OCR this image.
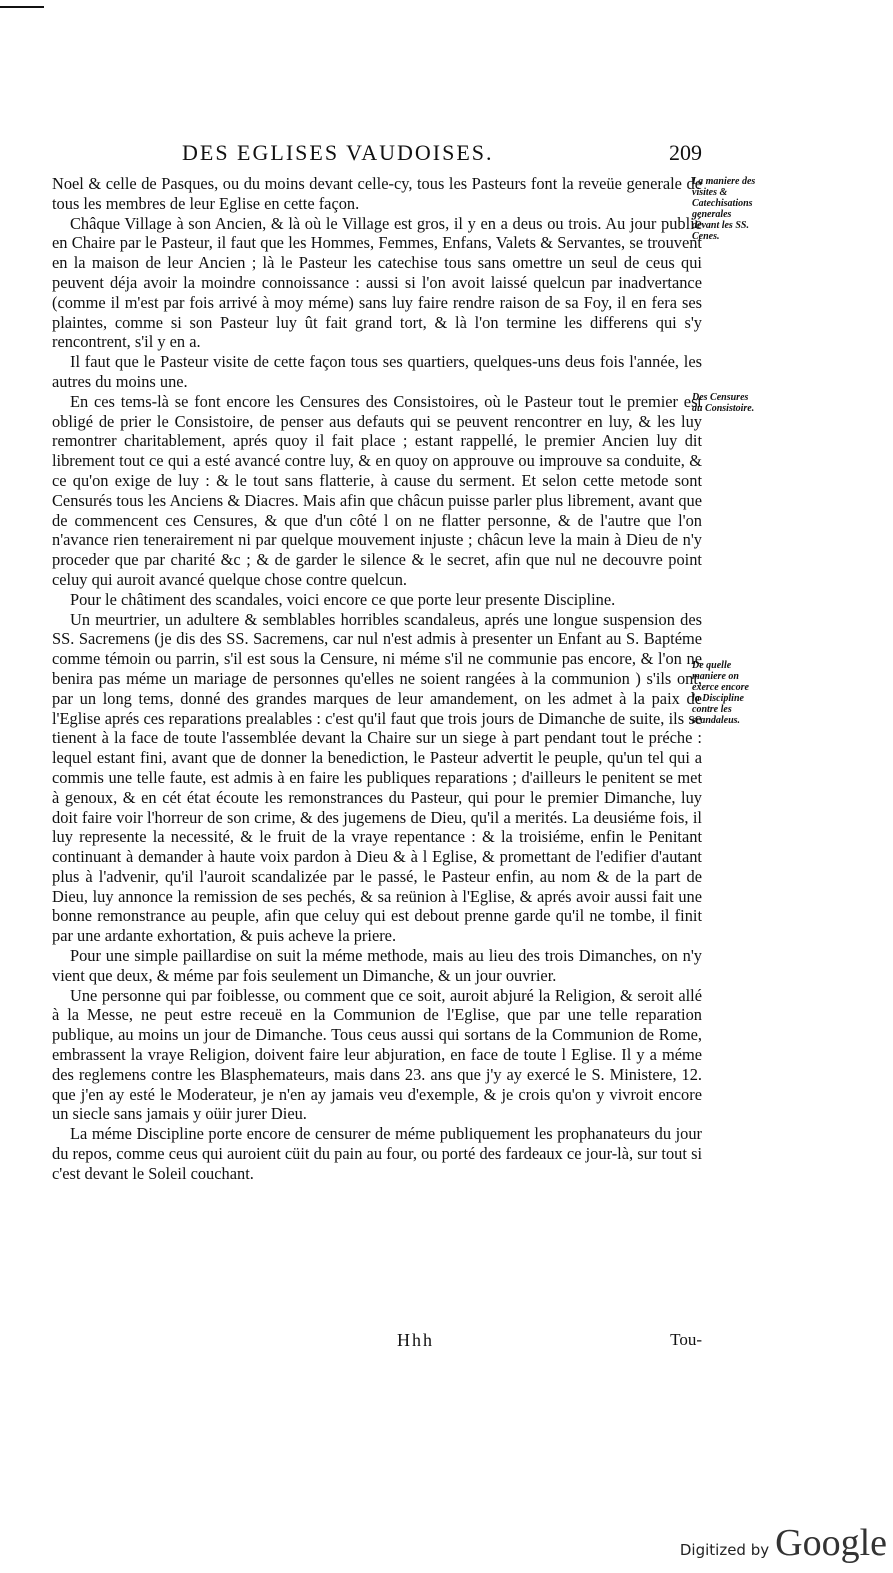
DES EGLISES VAUDOISES.	209

Noel & celle de Pasques, ou du moins devant celle-cy, tous les Pasteurs font la reveüe generale de tous les membres de leur Eglise en cette façon.

Châque Village à son Ancien, & là où le Village est gros, il y en a deus ou trois. Au jour publié en Chaire par le Pasteur, il faut que les Hommes, Femmes, Enfans, Valets & Servantes, se trouvent en la maison de leur Ancien ; là le Pasteur les catechise tous sans omettre un seul de ceus qui peuvent déja avoir la moindre connoissance : aussi si l'on avoit laissé quelcun par inadvertance (comme il m'est par fois arrivé à moy méme) sans luy faire rendre raison de sa Foy, il en fera ses plaintes, comme si son Pasteur luy ût fait grand tort, & là l'on termine les differens qui s'y rencontrent, s'il y en a.

Il faut que le Pasteur visite de cette façon tous ses quartiers, quelques-uns deus fois l'année, les autres du moins une.

En ces tems-là se font encore les Censures des Consistoires, où le Pasteur tout le premier est obligé de prier le Consistoire, de penser aus defauts qui se peuvent rencontrer en luy, & les luy remontrer charitablement, aprés quoy il fait place ; estant rappellé, le premier Ancien luy dit librement tout ce qui a esté avancé contre luy, & en quoy on approuve ou improuve sa conduite, & ce qu'on exige de luy : & le tout sans flatterie, à cause du serment. Et selon cette metode sont Censurés tous les Anciens & Diacres. Mais afin que châcun puisse parler plus librement, avant que de commencent ces Censures, & que d'un côté l on ne flatter personne, & de l'autre que l'on n'avance rien tenerairement ni par quelque mouvement injuste ; châcun leve la main à Dieu de n'y proceder que par charité &c ; & de garder le silence & le secret, afin que nul ne decouvre point celuy qui auroit avancé quelque chose contre quelcun.

Pour le châtiment des scandales, voici encore ce que porte leur presente Discipline.

Un meurtrier, un adultere & semblables horribles scandaleus, aprés une longue suspension des SS. Sacremens (je dis des SS. Sacremens, car nul n'est admis à presenter un Enfant au S. Baptéme comme témoin ou parrin, s'il est sous la Censure, ni méme s'il ne communie pas encore, & l'on ne benira pas méme un mariage de personnes qu'elles ne soient rangées à la communion ) s'ils ont, par un long tems, donné des grandes marques de leur amandement, on les admet à la paix de l'Eglise aprés ces reparations prealables : c'est qu'il faut que trois jours de Dimanche de suite, ils se tienent à la face de toute l'assemblée devant la Chaire sur un siege à part pendant tout le préche : lequel estant fini, avant que de donner la benediction, le Pasteur advertit le peuple, qu'un tel qui a commis une telle faute, est admis à en faire les publiques reparations ; d'ailleurs le penitent se met à genoux, & en cét état écoute les remonstrances du Pasteur, qui pour le premier Dimanche, luy doit faire voir l'horreur de son crime, & des jugemens de Dieu, qu'il a merités. La deusiéme fois, il luy represente la necessité, & le fruit de la vraye repentance : & la troisiéme, enfin le Penitant continuant à demander à haute voix pardon à Dieu & à l Eglise, & promettant de l'edifier d'autant plus à l'advenir, qu'il l'auroit scandalizée par le passé, le Pasteur enfin, au nom & de la part de Dieu, luy annonce la remission de ses pechés, & sa reünion à l'Eglise, & aprés avoir aussi fait une bonne remonstrance au peuple, afin que celuy qui est debout prenne garde qu'il ne tombe, il finit par une ardante exhortation, & puis acheve la priere.

Pour une simple paillardise on suit la méme methode, mais au lieu des trois Dimanches, on n'y vient que deux, & méme par fois seulement un Dimanche, & un jour ouvrier.

Une personne qui par foiblesse, ou comment que ce soit, auroit abjuré la Religion, & seroit allé à la Messe, ne peut estre receuë en la Communion de l'Eglise, que par une telle reparation publique, au moins un jour de Dimanche. Tous ceus aussi qui sortans de la Communion de Rome, embrassent la vraye Religion, doivent faire leur abjuration, en face de toute l Eglise. Il y a méme des reglemens contre les Blasphemateurs, mais dans 23. ans que j'y ay exercé le S. Ministere, 12. que j'en ay esté le Moderateur, je n'en ay jamais veu d'exemple, & je crois qu'on y vivroit encore un siecle sans jamais y oüir jurer Dieu.

La méme Discipline porte encore de censurer de méme publiquement les prophanateurs du jour du repos, comme ceus qui auroient cüit du pain au four, ou porté des fardeaux ce jour-là, sur tout si c'est devant le Soleil couchant.

La maniere des visites & Catechisations generales devant les SS. Cenes.
Des Censures du Consistoire.
De quelle maniere on exerce encore la Discipline contre les scandaleus.
Hhh	Tou-
Digitized by Google
